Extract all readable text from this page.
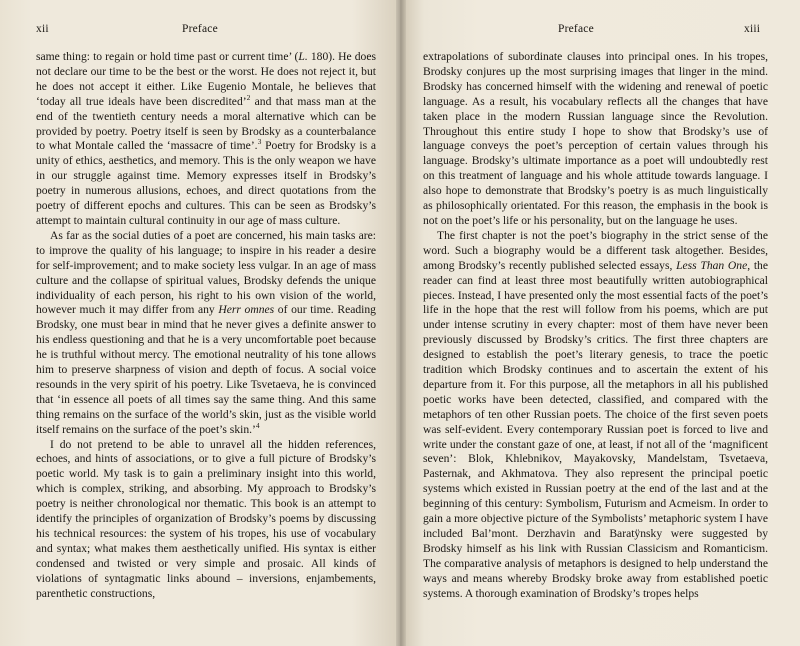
xii	Preface

same thing: to regain or hold time past or current time’ (L. 180). He does not declare our time to be the best or the worst. He does not reject it, but he does not accept it either. Like Eugenio Montale, he believes that ‘today all true ideals have been discredited’$^2$ and that mass man at the end of the twentieth century needs a moral alternative which can be provided by poetry. Poetry itself is seen by Brodsky as a counterbalance to what Montale called the ‘massacre of time’.$^3$ Poetry for Brodsky is a unity of ethics, aesthetics, and memory. This is the only weapon we have in our struggle against time. Memory expresses itself in Brodsky’s poetry in numerous allusions, echoes, and direct quotations from the poetry of different epochs and cultures. This can be seen as Brodsky’s attempt to maintain cultural continuity in our age of mass culture.

As far as the social duties of a poet are concerned, his main tasks are: to improve the quality of his language; to inspire in his reader a desire for self-improvement; and to make society less vulgar. In an age of mass culture and the collapse of spiritual values, Brodsky defends the unique individuality of each person, his right to his own vision of the world, however much it may differ from any Herr omnes of our time. Reading Brodsky, one must bear in mind that he never gives a definite answer to his endless questioning and that he is a very uncomfortable poet because he is truthful without mercy. The emotional neutrality of his tone allows him to preserve sharpness of vision and depth of focus. A social voice resounds in the very spirit of his poetry. Like Tsvetaeva, he is convinced that ‘in essence all poets of all times say the same thing. And this same thing remains on the surface of the world’s skin, just as the visible world itself remains on the surface of the poet’s skin.’$^4$

I do not pretend to be able to unravel all the hidden references, echoes, and hints of associations, or to give a full picture of Brodsky’s poetic world. My task is to gain a preliminary insight into this world, which is complex, striking, and absorbing. My approach to Brodsky’s poetry is neither chronological nor thematic. This book is an attempt to identify the principles of organization of Brodsky’s poems by discussing his technical resources: the system of his tropes, his use of vocabulary and syntax; what makes them aesthetically unified. His syntax is either condensed and twisted or very simple and prosaic. All kinds of violations of syntagmatic links abound – inversions, enjambements, parenthetic constructions,

Preface	xiii

extrapolations of subordinate clauses into principal ones. In his tropes, Brodsky conjures up the most surprising images that linger in the mind. Brodsky has concerned himself with the widening and renewal of poetic language. As a result, his vocabulary reflects all the changes that have taken place in the modern Russian language since the Revolution. Throughout this entire study I hope to show that Brodsky’s use of language conveys the poet’s perception of certain values through his language. Brodsky’s ultimate importance as a poet will undoubtedly rest on this treatment of language and his whole attitude towards language. I also hope to demonstrate that Brodsky’s poetry is as much linguistically as philosophically orientated. For this reason, the emphasis in the book is not on the poet’s life or his personality, but on the language he uses.

The first chapter is not the poet’s biography in the strict sense of the word. Such a biography would be a different task altogether. Besides, among Brodsky’s recently published selected essays, Less Than One, the reader can find at least three most beautifully written autobiographical pieces. Instead, I have presented only the most essential facts of the poet’s life in the hope that the rest will follow from his poems, which are put under intense scrutiny in every chapter: most of them have never been previously discussed by Brodsky’s critics. The first three chapters are designed to establish the poet’s literary genesis, to trace the poetic tradition which Brodsky continues and to ascertain the extent of his departure from it. For this purpose, all the metaphors in all his published poetic works have been detected, classified, and compared with the metaphors of ten other Russian poets. The choice of the first seven poets was self-evident. Every contemporary Russian poet is forced to live and write under the constant gaze of one, at least, if not all of the ‘magnificent seven’: Blok, Khlebnikov, Mayakovsky, Mandelstam, Tsvetaeva, Pasternak, and Akhmatova. They also represent the principal poetic systems which existed in Russian poetry at the end of the last and at the beginning of this century: Symbolism, Futurism and Acmeism. In order to gain a more objective picture of the Symbolists’ metaphoric system I have included Bal’mont. Derzhavin and Baratÿnsky were suggested by Brodsky himself as his link with Russian Classicism and Romanticism. The comparative analysis of metaphors is designed to help understand the ways and means whereby Brodsky broke away from established poetic systems. A thorough examination of Brodsky’s tropes helps
